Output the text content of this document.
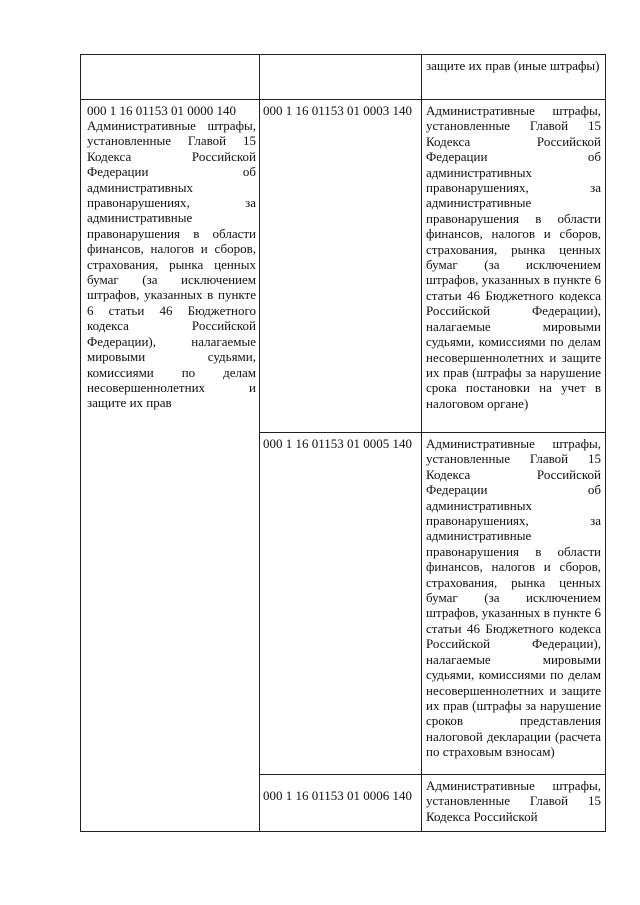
защите их прав (иные штрафы)
000 1 16 01153 01 0000 140
Административные штрафы, установленные Главой 15 Кодекса Российской Федерации об административных правонарушениях, за административные правонарушения в области финансов, налогов и сборов, страхования, рынка ценных бумаг (за исключением штрафов, указанных в пункте 6 статьи 46 Бюджетного кодекса Российской Федерации), налагаемые мировыми судьями, комиссиями по делам несовершеннолетних и защите их прав
000 1 16 01153 01 0003 140 Административные штрафы, установленные Главой 15 Кодекса Российской Федерации об административных правонарушениях, за административные правонарушения в области финансов, налогов и сборов, страхования, рынка ценных бумаг (за исключением штрафов, указанных в пункте 6 статьи 46 Бюджетного кодекса Российской Федерации), налагаемые мировыми судьями, комиссиями по делам несовершеннолетних и защите их прав (штрафы за нарушение срока постановки на учет в налоговом органе)
000 1 16 01153 01 0005 140 Административные штрафы, установленные Главой 15 Кодекса Российской Федерации об административных правонарушениях, за административные правонарушения в области финансов, налогов и сборов, страхования, рынка ценных бумаг (за исключением штрафов, указанных в пункте 6 статьи 46 Бюджетного кодекса Российской Федерации), налагаемые мировыми судьями, комиссиями по делам несовершеннолетних и защите их прав (штрафы за нарушение сроков представления налоговой декларации (расчета по страховым взносам)
000 1 16 01153 01 0006 140
Административные штрафы, установленные Главой 15 Кодекса Российской
